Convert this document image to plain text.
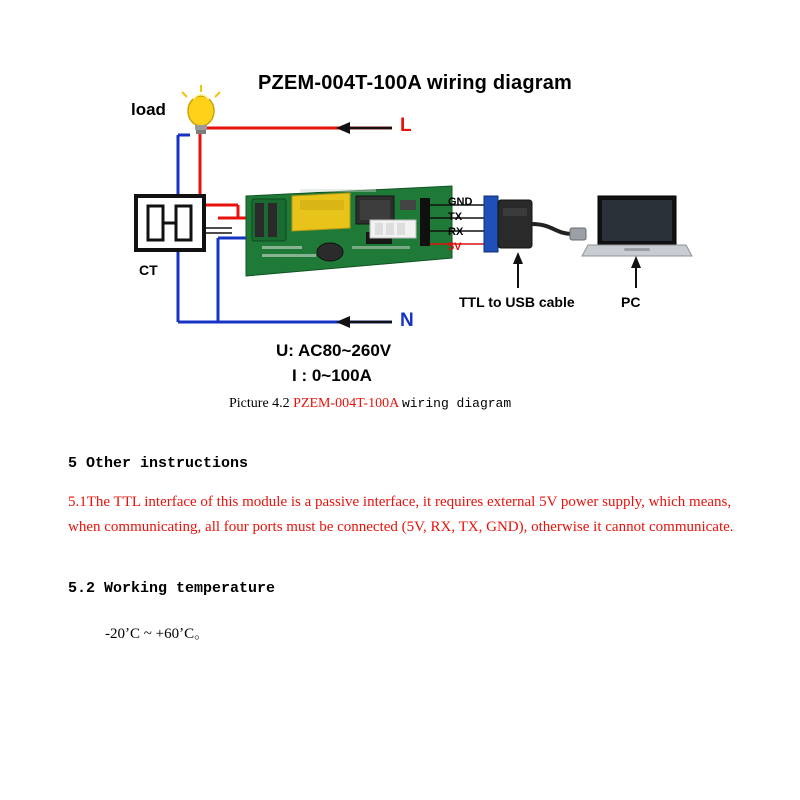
PZEM-004T-100A wiring diagram
load
L
N
CT
TTL to USB cable	PC
GND
TX
RX
5V
U: AC80~260V
I : 0~100A
Picture 4.2 PZEM-004T-100A wiring diagram
5 Other instructions
5.1The TTL interface of this module is a passive interface, it requires external 5V power supply, which means, when communicating, all four ports must be connected (5V, RX, TX, GND), otherwise it cannot communicate.
5.2 Working temperature
-20ʼC ~ +60ʼC。
